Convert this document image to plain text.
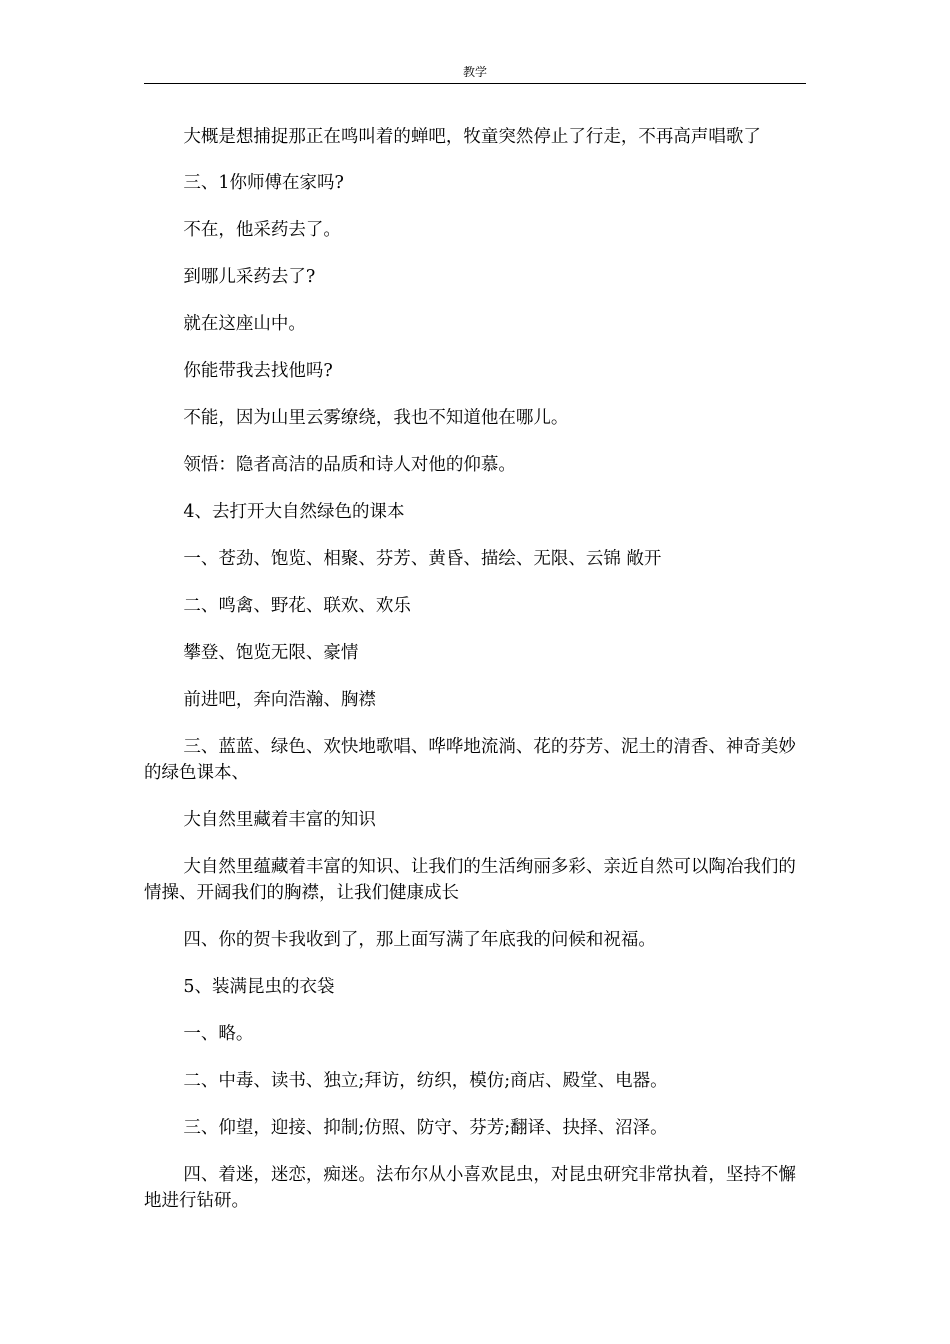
教学

大概是想捕捉那正在鸣叫着的蝉吧，牧童突然停止了行走，不再高声唱歌了

三、1你师傅在家吗?

不在，他采药去了。

到哪儿采药去了?

就在这座山中。

你能带我去找他吗?

不能，因为山里云雾缭绕，我也不知道他在哪儿。

领悟：隐者高洁的品质和诗人对他的仰慕。

4、去打开大自然绿色的课本

一、苍劲、饱览、相聚、芬芳、黄昏、描绘、无限、云锦 敞开

二、鸣禽、野花、联欢、欢乐

攀登、饱览无限、豪情

前进吧，奔向浩瀚、胸襟

三、蓝蓝、绿色、欢快地歌唱、哗哗地流淌、花的芬芳、泥土的清香、神奇美妙的绿色课本、

大自然里藏着丰富的知识

大自然里蕴藏着丰富的知识、让我们的生活绚丽多彩、亲近自然可以陶冶我们的情操、开阔我们的胸襟，让我们健康成长

四、你的贺卡我收到了，那上面写满了年底我的问候和祝福。

5、装满昆虫的衣袋

一、略。

二、中毒、读书、独立;拜访，纺织，模仿;商店、殿堂、电器。

三、仰望，迎接、抑制;仿照、防守、芬芳;翻译、抉择、沼泽。

四、着迷，迷恋，痴迷。法布尔从小喜欢昆虫，对昆虫研究非常执着，坚持不懈地进行钻研。
